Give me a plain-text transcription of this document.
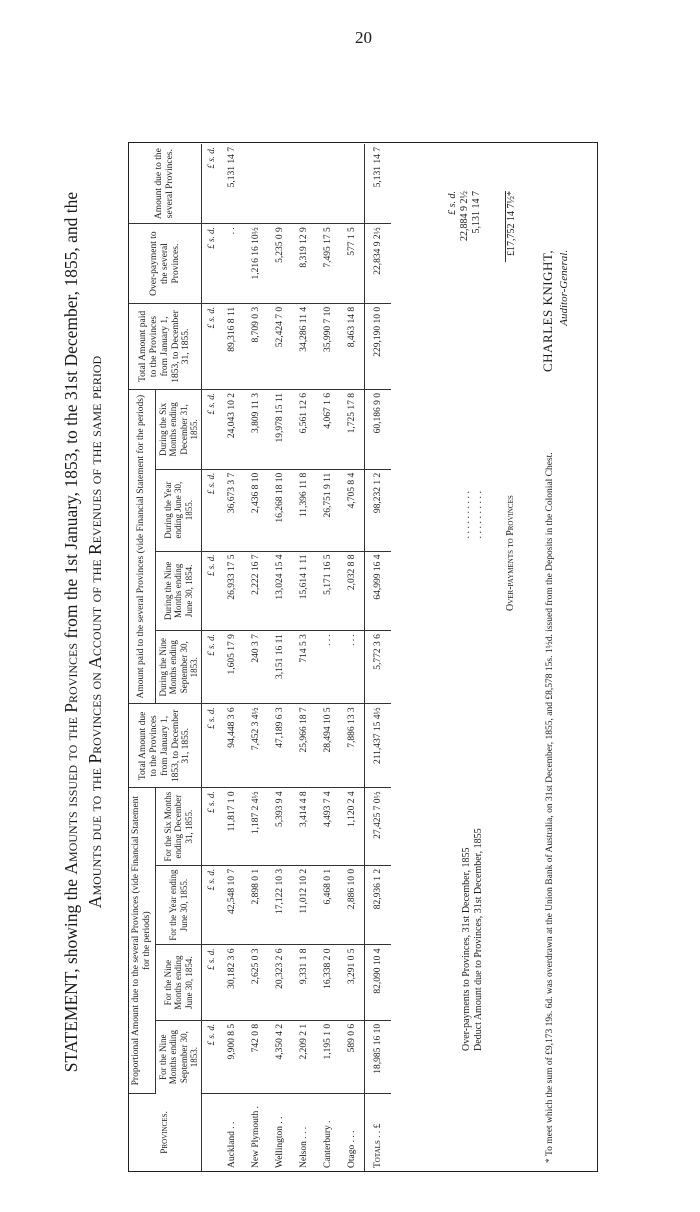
20
STATEMENT, showing the Amounts issued to the Provinces from the 1st January, 1853, to the 31st December, 1855, and the Amounts due to the Provinces on Account of the Revenues of the same period
Provinces.	Proportional Amount due to the several Provinces (vide Financial Statement for the periods)				Total Amount due to the Provinces from January 1, 1853, to December 31, 1855.	Amount paid to the several Provinces (vide Financial Statement for the periods)				Total Amount paid to the Provinces from January 1, 1853, to December 31, 1855.	Over-payment to the several Provinces.	Amount due to the several Provinces.
	For the Nine Months ending September 30, 1853.	For the Nine Months ending June 30, 1854.	For the Year ending June 30, 1855.	For the Six Months ending December 31, 1855.		During the Nine Months ending September 30, 1853.	During the Nine Months ending June 30, 1854.	During the Year ending June 30, 1855.	During the Six Months ending December 31, 1855.			
	£ s. d.	£ s. d.	£ s. d.	£ s. d.	£ s. d.	£ s. d.	£ s. d.	£ s. d.	£ s. d.	£ s. d.	£ s. d.	£ s. d.
Auckland . .	9,900 8 5	30,182 3 6	42,548 10 7	11,817 1 0	94,448 3 6	1,605 17 9	26,933 17 5	36,673 3 7	24,043 10 2	89,316 8 11	. .	5,131 14 7
New Plymouth .	742 0 8	2,625 0 3	2,898 0 1	1,187 2 4½	7,452 3 4½	240 3 7	2,222 16 7	2,436 8 10	3,809 11 3	8,709 0 3	1,216 16 10½	
Wellington . .	4,350 4 2	20,323 2 6	17,122 10 3	5,393 9 4	47,189 6 3	3,151 16 11	13,024 15 4	16,268 18 10	19,978 15 11	52,424 7 0	5,235 0 9	
Nelson . . .	2,209 2 1	9,331 1 8	11,012 10 2	3,414 4 8	25,966 18 7	714 5 3	15,614 1 11	11,396 11 8	6,561 12 6	34,286 11 4	8,319 12 9	
Canterbury .	1,195 1 0	16,338 2 0	6,468 0 1	4,493 7 4	28,494 10 5	. . .	5,171 16 5	26,751 9 11	4,067 1 6	35,990 7 10	7,495 17 5	
Otago . . .	589 0 6	3,291 0 5	2,886 10 0	1,120 2 4	7,886 13 3	. . .	2,032 8 8	4,705 8 4	1,725 17 8	8,463 14 8	577 1 5	
Totals . . £	18,985 16 10	82,090 10 4	82,936 1 2	27,425 7 0½	211,437 15 4½	5,772 3 6	64,999 16 4	98,232 1 2	60,186 9 0	229,190 10 0	22,834 9 2½	5,131 14 7
Over-payments to Provinces, 31st December, 1855
. . . . . . . . . .
Deduct Amount due to Provinces, 31st December, 1855
. . . . . . . . . .
£ s. d. 22,884 9 2½ 5,131 14 7
Over-payments to Provinces
£17,752 14 7½*
* To meet which the sum of £9,173 19s. 6d. was overdrawn at the Union Bank of Australia, on 31st December, 1855, and £8,578 15s. 1½d. issued from the Deposits in the Colonial Chest.
CHARLES KNIGHT, Auditor-General.
